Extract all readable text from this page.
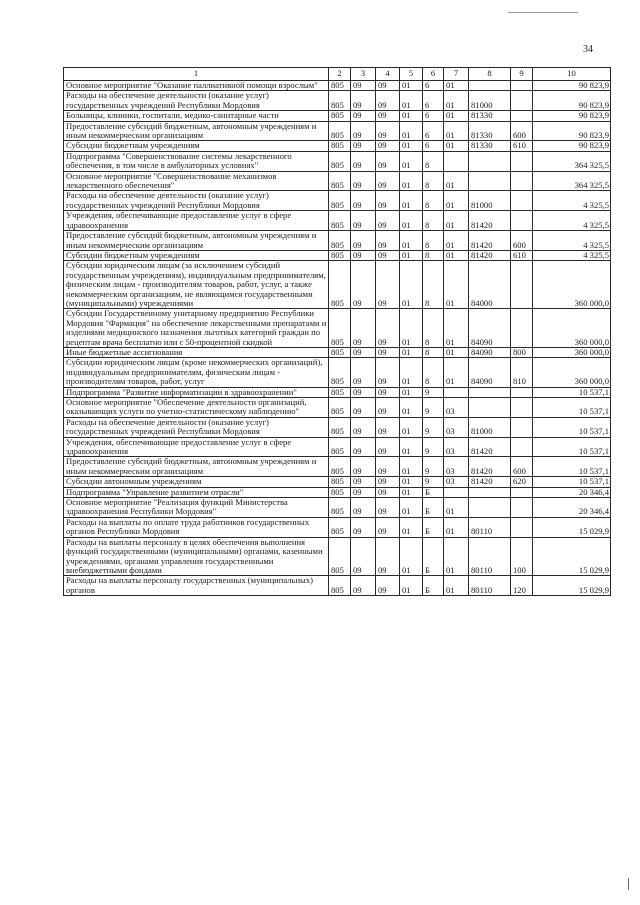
34
1	2	3	4	5	6	7	8	9	10
Основное мероприятие "Оказание паллиативной помощи взрослым"	805	09	09	01	6	01			90 823,9
Расходы на обеспечение деятельности (оказание услуг) государственных учреждений Республики Мордовия	805	09	09	01	6	01	81000		90 823,9
Больницы, клиники, госпитали, медико-санитарные части	805	09	09	01	6	01	81330		90 823,9
Предоставление субсидий бюджетным, автономным учреждениям и иным некоммерческим организациям	805	09	09	01	6	01	81330	600	90 823,9
Субсидии бюджетным учреждениям	805	09	09	01	6	01	81330	610	90 823,9
Подпрограмма "Совершенствование системы лекарственного обеспечения, в том числе в амбулаторных условиях"	805	09	09	01	8				364 325,5
Основное мероприятие "Совершенствование механизмов лекарственного обеспечения"	805	09	09	01	8	01			364 325,5
Расходы на обеспечение деятельности (оказание услуг) государственных учреждений Республики Мордовия	805	09	09	01	8	01	81000		4 325,5
Учреждения, обеспечивающие предоставление услуг в сфере здравоохранения	805	09	09	01	8	01	81420		4 325,5
Предоставление субсидий бюджетным, автономным учреждениям и иным некоммерческим организациям	805	09	09	01	8	01	81420	600	4 325,5
Субсидии бюджетным учреждениям	805	09	09	01	8	01	81420	610	4 325,5
Субсидии юридическим лицам (за исключением субсидий государственным учреждениям), индивидуальным предпринимателям, физическим лицам - производителям товаров, работ, услуг, а также некоммерческим организациям, не являющимся государственными (муниципальными) учреждениями	805	09	09	01	8	01	84000		360 000,0
Субсидии Государственному унитарному предприятию Республики Мордовия "Фармация" на обеспечение лекарственными препаратами и изделиями медицинского назначения льготных категорий граждан по рецептам врача бесплатно или с 50-процентной скидкой	805	09	09	01	8	01	84090		360 000,0
Иные бюджетные ассигнования	805	09	09	01	8	01	84090	800	360 000,0
Субсидии юридическим лицам (кроме некоммерческих организаций), индивидуальным предпринимателям, физическим лицам - производителям товаров, работ, услуг	805	09	09	01	8	01	84090	810	360 000,0
Подпрограмма "Развитие информатизации в здравоохранении"	805	09	09	01	9				10 537,1
Основное мероприятие "Обеспечение деятельности организаций, оказывающих услуги по учетно-статистическому наблюдению"	805	09	09	01	9	03			10 537,1
Расходы на обеспечение деятельности (оказание услуг) государственных учреждений Республики Мордовия	805	09	09	01	9	03	81000		10 537,1
Учреждения, обеспечивающие предоставление услуг в сфере здравоохранения	805	09	09	01	9	03	81420		10 537,1
Предоставление субсидий бюджетным, автономным учреждениям и иным некоммерческим организациям	805	09	09	01	9	03	81420	600	10 537,1
Субсидии автономным учреждениям	805	09	09	01	9	03	81420	620	10 537,1
Подпрограмма "Управление развитием отрасли"	805	09	09	01	Б				20 346,4
Основное мероприятие "Реализация функций Министерства здравоохранения Республики Мордовия"	805	09	09	01	Б	01			20 346,4
Расходы на выплаты по оплате труда работников государственных органов Республики Мордовия	805	09	09	01	Б	01	80110		15 029,9
Расходы на выплаты персоналу в целях обеспечения выполнения функций государственными (муниципальными) органами, казенными учреждениями, органами управления государственными внебюджетными фондами	805	09	09	01	Б	01	80110	100	15 029,9
Расходы на выплаты персоналу государственных (муниципальных) органов	805	09	09	01	Б	01	80110	120	15 029,9
